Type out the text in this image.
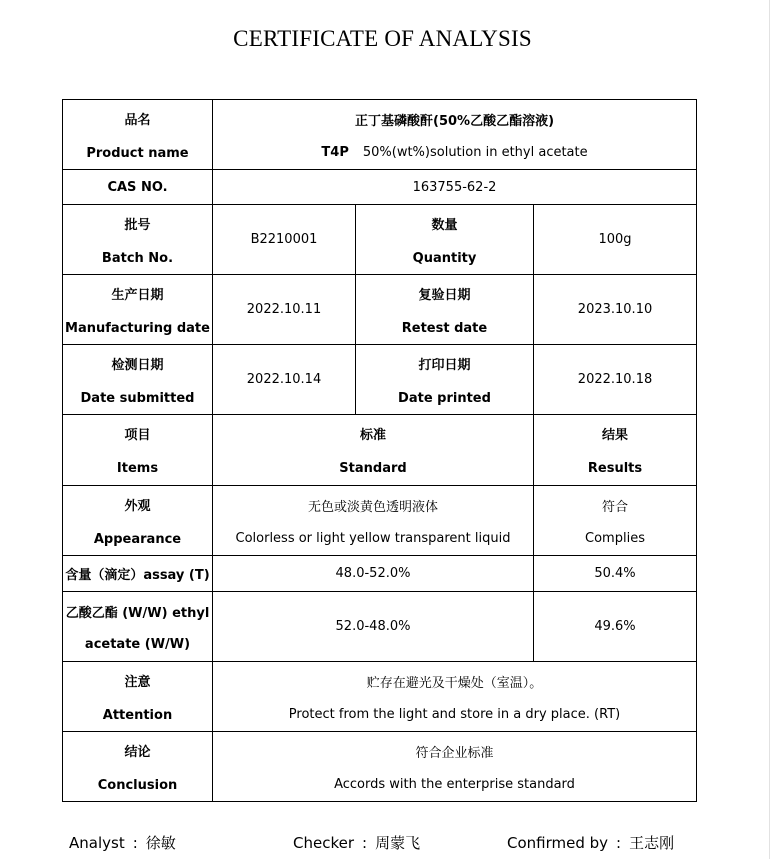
CERTIFICATE OF ANALYSIS
品名
Product name	正丁基磷酸酐(50%乙酸乙酯溶液)
T4P 50%(wt%)solution in ethyl acetate		

CAS NO.	163755-62-2		

批号
Batch No.	B2210001	数量
Quantity	100g

生产日期
Manufacturing date	2022.10.11	复验日期
Retest date	2023.10.10

检测日期
Date submitted	2022.10.14	打印日期
Date printed	2022.10.18

项目
Items	标准
Standard		结果
Results

外观
Appearance	无色或淡黄色透明液体
Colorless or light yellow transparent liquid		符合
Complies

含量（滴定）assay (T)	48.0-52.0%		50.4%

乙酸乙酯 (W/W) ethyl
acetate (W/W)	52.0-48.0%		49.6%

注意
Attention	贮存在避光及干燥处（室温）。
Protect from the light and store in a dry place. (RT)		

结论
Conclusion	符合企业标准
Accords with the enterprise standard		
Analyst : 徐敏	Checker : 周蒙飞	Confirmed by : 王志刚
